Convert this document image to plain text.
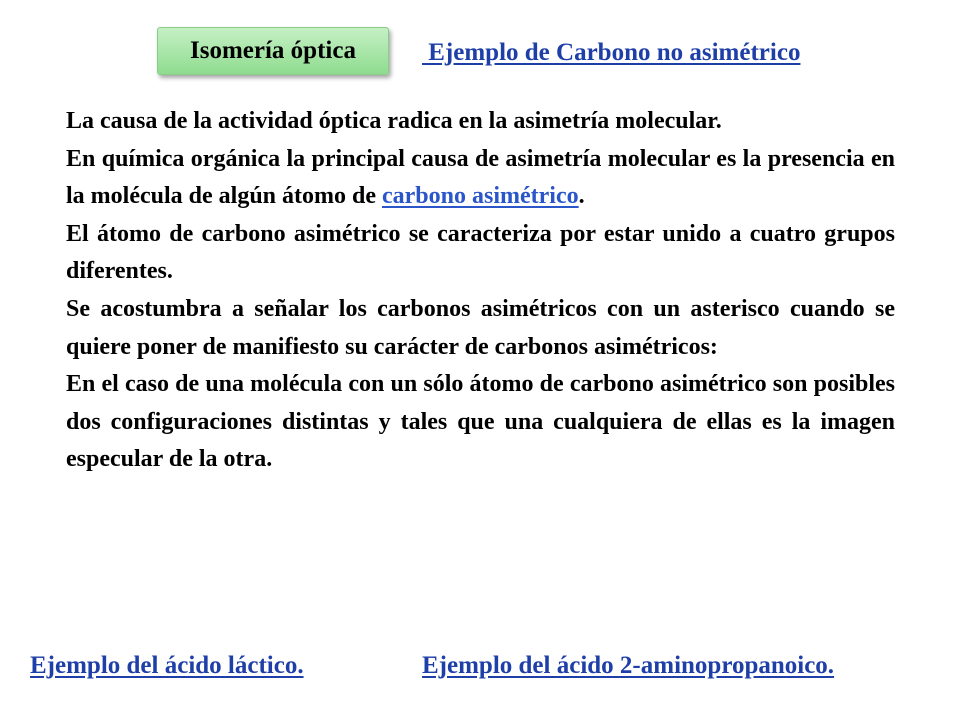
Isomería óptica	Ejemplo de Carbono no asimétrico

La causa de la actividad óptica radica en la asimetría molecular.

En química orgánica la principal causa de asimetría molecular es la presencia en la molécula de algún átomo de carbono asimétrico.

El átomo de carbono asimétrico se caracteriza por estar unido a cuatro grupos diferentes.

Se acostumbra a señalar los carbonos asimétricos con un asterisco cuando se quiere poner de manifiesto su carácter de carbonos asimétricos:

En el caso de una molécula con un sólo átomo de carbono asimétrico son posibles dos configuraciones distintas y tales que una cualquiera de ellas es la imagen especular de la otra.

Ejemplo del ácido láctico.	Ejemplo del ácido 2-aminopropanoico.
